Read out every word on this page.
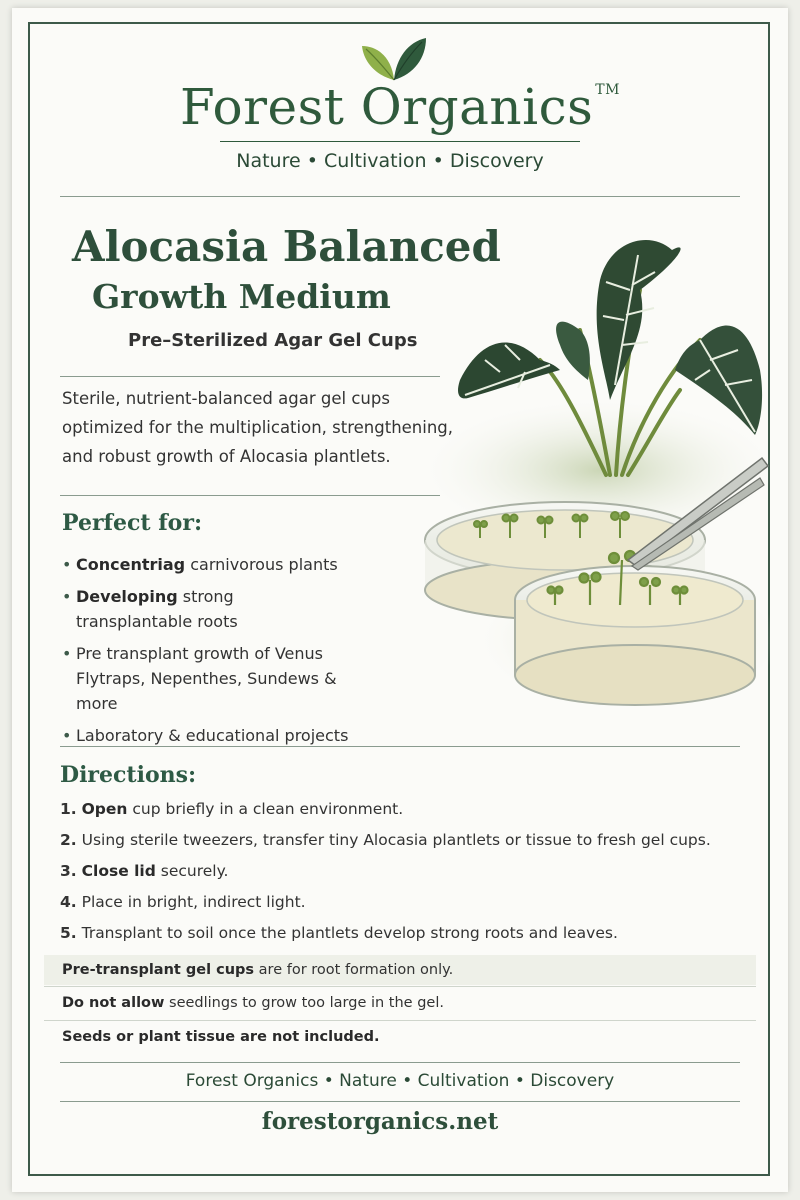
Forest Organics ™
Nature • Cultivation • Discovery
Alocasia Balanced
Growth Medium
Pre–Sterilized Agar Gel Cups
Sterile, nutrient-balanced agar gel cups
optimized for the multiplication, strengthening,
and robust growth of Alocasia plantlets.
Perfect for:
• Concentriag carnivorous plants
• Developing strong transplantable roots
• Pre transplant growth of Venus Flytraps, Nepenthes, Sundews & more
• Laboratory & educational projects
Directions:
1. Open cup briefly in a clean environment.
2. Using sterile tweezers, transfer tiny Alocasia plantlets or tissue to fresh gel cups.
3. Close lid securely.
4. Place in bright, indirect light.
5. Transplant to soil once the plantlets develop strong roots and leaves.
Pre-transplant gel cups are for root formation only.
Do not allow seedlings to grow too large in the gel.
Seeds or plant tissue are not included.
Forest Organics • Nature • Cultivation • Discovery
forestorganics.net
